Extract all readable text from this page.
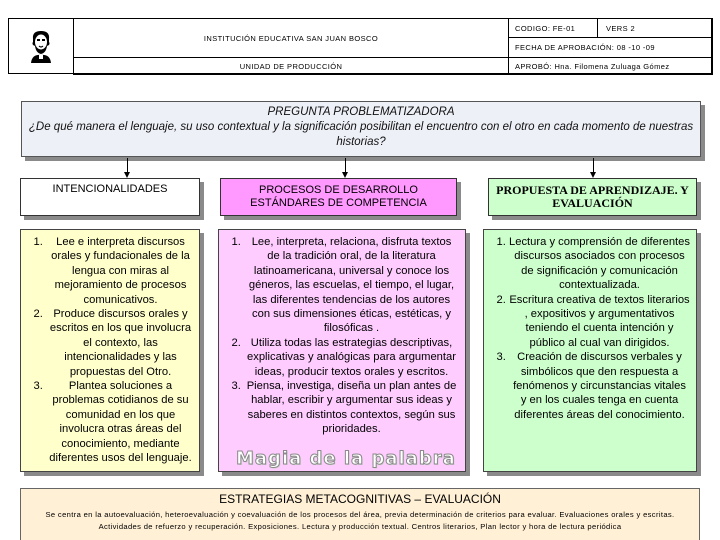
INSTITUCIÓN EDUCATIVA SAN JUAN BOSCO
UNIDAD DE PRODUCCIÓN
CODIGO: FE-01	VERS 2
FECHA DE APROBACIÓN: 08 -10 -09
APROBÓ: Hna. Filomena Zuluaga Gómez
PREGUNTA PROBLEMATIZADORA
¿De qué manera el lenguaje, su uso contextual y la significación posibilitan el encuentro con el otro en cada momento de nuestras historias?
INTENCIONALIDADES	PROCESOS DE DESARROLLO ESTÁNDARES DE COMPETENCIA
PROPUESTA DE APRENDIZAJE. Y EVALUACIÓN
1. Lee e interpreta discursos orales y fundacionales de la lengua con miras al mejoramiento de procesos comunicativos.
2. Produce discursos orales y escritos en los que involucra el contexto, las intencionalidades y las propuestas del Otro.
3. Plantea soluciones a problemas cotidianos de su comunidad en los que involucra otras áreas del conocimiento, mediante diferentes usos del lenguaje.
1. Lee, interpreta, relaciona, disfruta textos de la tradición oral, de la literatura latinoamericana, universal y conoce los géneros, las escuelas, el tiempo, el lugar, las diferentes tendencias de los autores con sus dimensiones éticas, estéticas, y filosóficas .
2. Utiliza todas las estrategias descriptivas, explicativas y analógicas para argumentar ideas, producir textos orales y escritos.
3. Piensa, investiga, diseña un plan antes de hablar, escribir y argumentar sus ideas y saberes en distintos contextos, según sus prioridades.
1. Lectura y comprensión de diferentes discursos asociados con procesos de significación y comunicación contextualizada.
2. Escritura creativa de textos literarios , expositivos y argumentativos teniendo el cuenta intención y público al cual van dirigidos.
3. Creación de discursos verbales y simbólicos que den respuesta a fenómenos y circunstancias vitales y en los cuales tenga en cuenta diferentes áreas del conocimiento.
Magia de la palabra
ESTRATEGIAS METACOGNITIVAS – EVALUACIÓN
Se centra en la autoevaluación, heteroevaluación y coevaluación de los procesos del área, previa determinación de criterios para evaluar. Evaluaciones orales y escritas. Actividades de refuerzo y recuperación. Exposiciones. Lectura y producción textual. Centros literarios, Plan lector y hora de lectura periódica
